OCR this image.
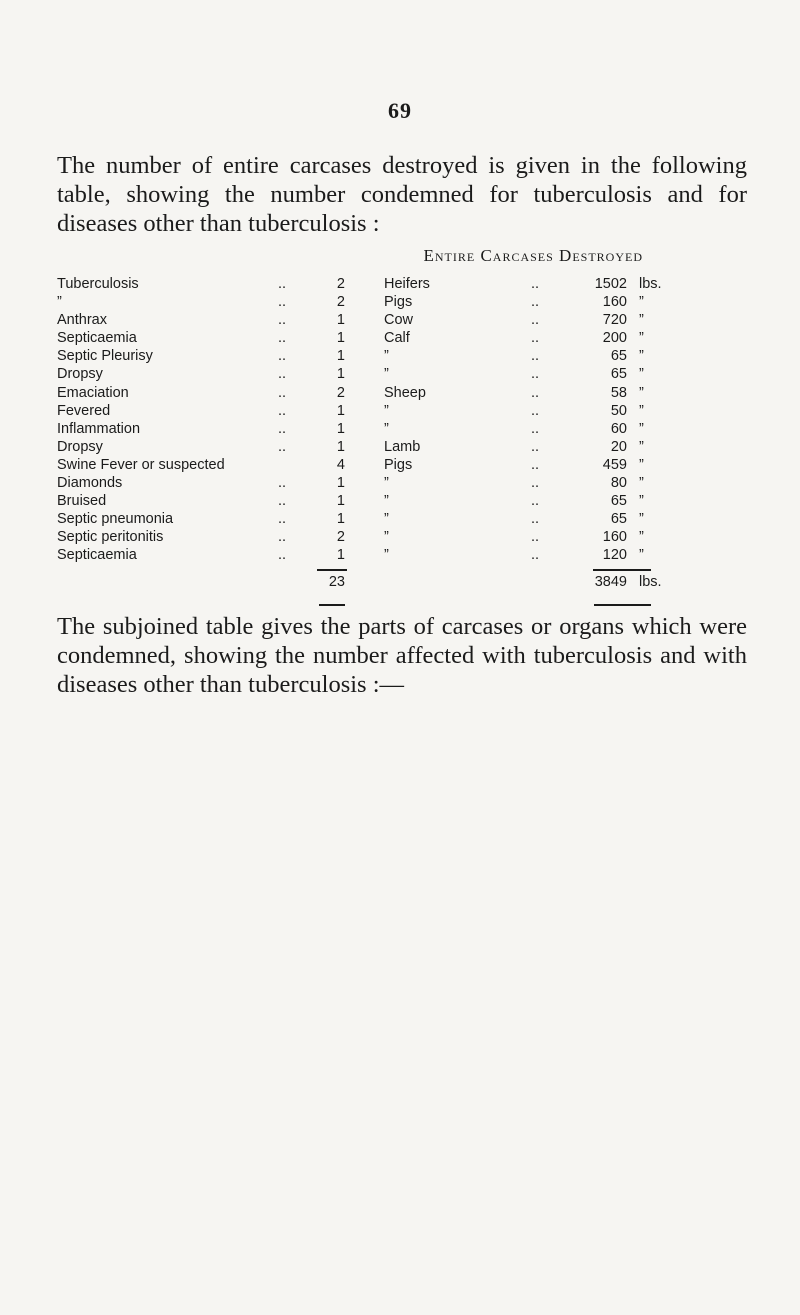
69

The number of entire carcases destroyed is given in the following table, showing the number condemned for tuberculosis and for diseases other than tuberculosis :

Entire Carcases Destroyed
Tuberculosis	..	2	Heifers	..	1502 lbs.
”	..	2	Pigs	..	160 ”
Anthrax	..	1	Cow	..	720 ”
Septicaemia	..	1	Calf	..	200 ”
Septic Pleurisy	..	1	”	..	65 ”
Dropsy	..	1	”	..	65 ”
Emaciation	..	2	Sheep	..	58 ”
Fevered	..	1	”	..	50 ”
Inflammation	..	1	”	..	60 ”
Dropsy	..	1	Lamb	..	20 ”
Swine Fever or suspected	4	Pigs	..	459 ”
Diamonds	..	1	”	..	80 ”
Bruised	..	1	”	..	65 ”
Septic pneumonia	..	1	”	..	65 ”
Septic peritonitis	..	2	”	..	160 ”
Septicaemia	..	1	”	..	120 ”
23	3849 lbs.

The subjoined table gives the parts of carcases or organs which were condemned, showing the number affected with tuberculosis and with diseases other than tuberculosis :—
